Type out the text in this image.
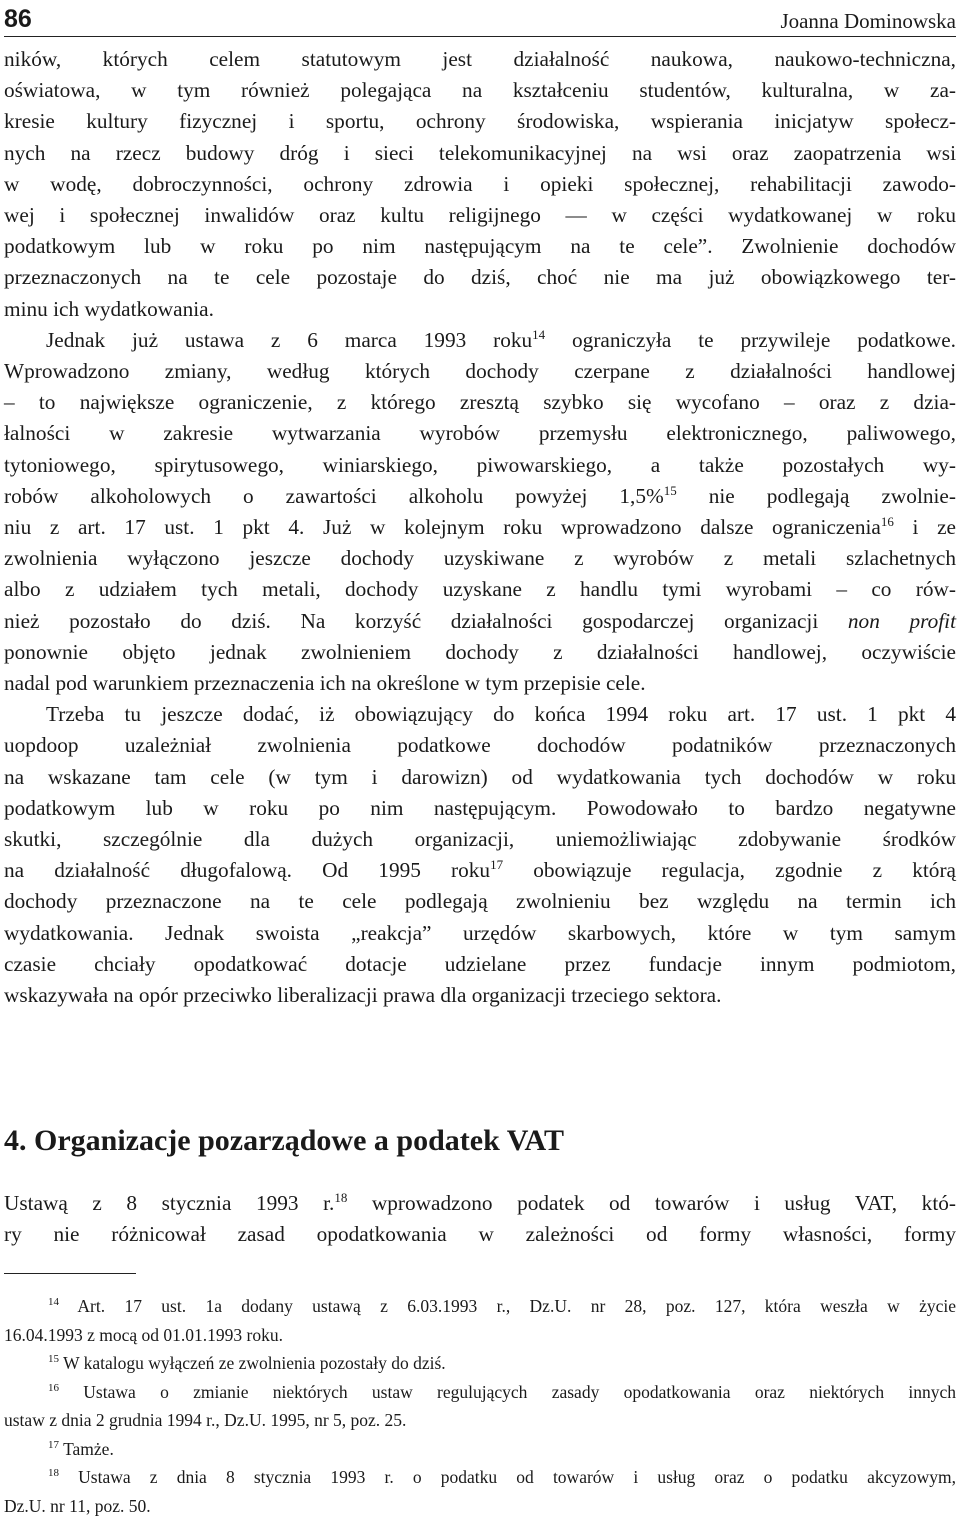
86	Joanna Dominowska

ników, których celem statutowym jest działalność naukowa, naukowo-techniczna,
oświatowa, w tym również polegająca na kształceniu studentów, kulturalna, w za-
kresie kultury fizycznej i sportu, ochrony środowiska, wspierania inicjatyw społecz-
nych na rzecz budowy dróg i sieci telekomunikacyjnej na wsi oraz zaopatrzenia wsi
w wodę, dobroczynności, ochrony zdrowia i opieki społecznej, rehabilitacji zawodo-
wej i społecznej inwalidów oraz kultu religijnego — w części wydatkowanej w roku
podatkowym lub w roku po nim następującym na te cele”. Zwolnienie dochodów
przeznaczonych na te cele pozostaje do dziś, choć nie ma już obowiązkowego ter-
minu ich wydatkowania.

Jednak już ustawa z 6 marca 1993 roku$^{14}$ ograniczyła te przywileje podatkowe.
Wprowadzono zmiany, według których dochody czerpane z działalności handlowej
– to największe ograniczenie, z którego zresztą szybko się wycofano – oraz z dzia-
łalności w zakresie wytwarzania wyrobów przemysłu elektronicznego, paliwowego,
tytoniowego, spirytusowego, winiarskiego, piwowarskiego, a także pozostałych wy-
robów alkoholowych o zawartości alkoholu powyżej 1,5%$^{15}$ nie podlegają zwolnie-
niu z art. 17 ust. 1 pkt 4. Już w kolejnym roku wprowadzono dalsze ograniczenia$^{16}$ i ze
zwolnienia wyłączono jeszcze dochody uzyskiwane z wyrobów z metali szlachetnych
albo z udziałem tych metali, dochody uzyskane z handlu tymi wyrobami – co rów-
nież pozostało do dziś. Na korzyść działalności gospodarczej organizacji non profit
ponownie objęto jednak zwolnieniem dochody z działalności handlowej, oczywiście
nadal pod warunkiem przeznaczenia ich na określone w tym przepisie cele.

Trzeba tu jeszcze dodać, iż obowiązujący do końca 1994 roku art. 17 ust. 1 pkt 4
uopdoop uzależniał zwolnienia podatkowe dochodów podatników przeznaczonych
na wskazane tam cele (w tym i darowizn) od wydatkowania tych dochodów w roku
podatkowym lub w roku po nim następującym. Powodowało to bardzo negatywne
skutki, szczególnie dla dużych organizacji, uniemożliwiając zdobywanie środków
na działalność długofalową. Od 1995 roku$^{17}$ obowiązuje regulacja, zgodnie z którą
dochody przeznaczone na te cele podlegają zwolnieniu bez względu na termin ich
wydatkowania. Jednak swoista „reakcja” urzędów skarbowych, które w tym samym
czasie chciały opodatkować dotacje udzielane przez fundacje innym podmiotom,
wskazywała na opór przeciwko liberalizacji prawa dla organizacji trzeciego sektora.

4. Organizacje pozarządowe a podatek VAT

Ustawą z 8 stycznia 1993 r.$^{18}$ wprowadzono podatek od towarów i usług VAT, któ-
ry nie różnicował zasad opodatkowania w zależności od formy własności, formy

$^{14}$ Art. 17 ust. 1a dodany ustawą z 6.03.1993 r., Dz.U. nr 28, poz. 127, która weszła w życie
16.04.1993 z mocą od 01.01.1993 roku.

$^{15}$ W katalogu wyłączeń ze zwolnienia pozostały do dziś.

$^{16}$ Ustawa o zmianie niektórych ustaw regulujących zasady opodatkowania oraz niektórych innych
ustaw z dnia 2 grudnia 1994 r., Dz.U. 1995, nr 5, poz. 25.

$^{17}$ Tamże.

$^{18}$ Ustawa z dnia 8 stycznia 1993 r. o podatku od towarów i usług oraz o podatku akcyzowym,
Dz.U. nr 11, poz. 50.
